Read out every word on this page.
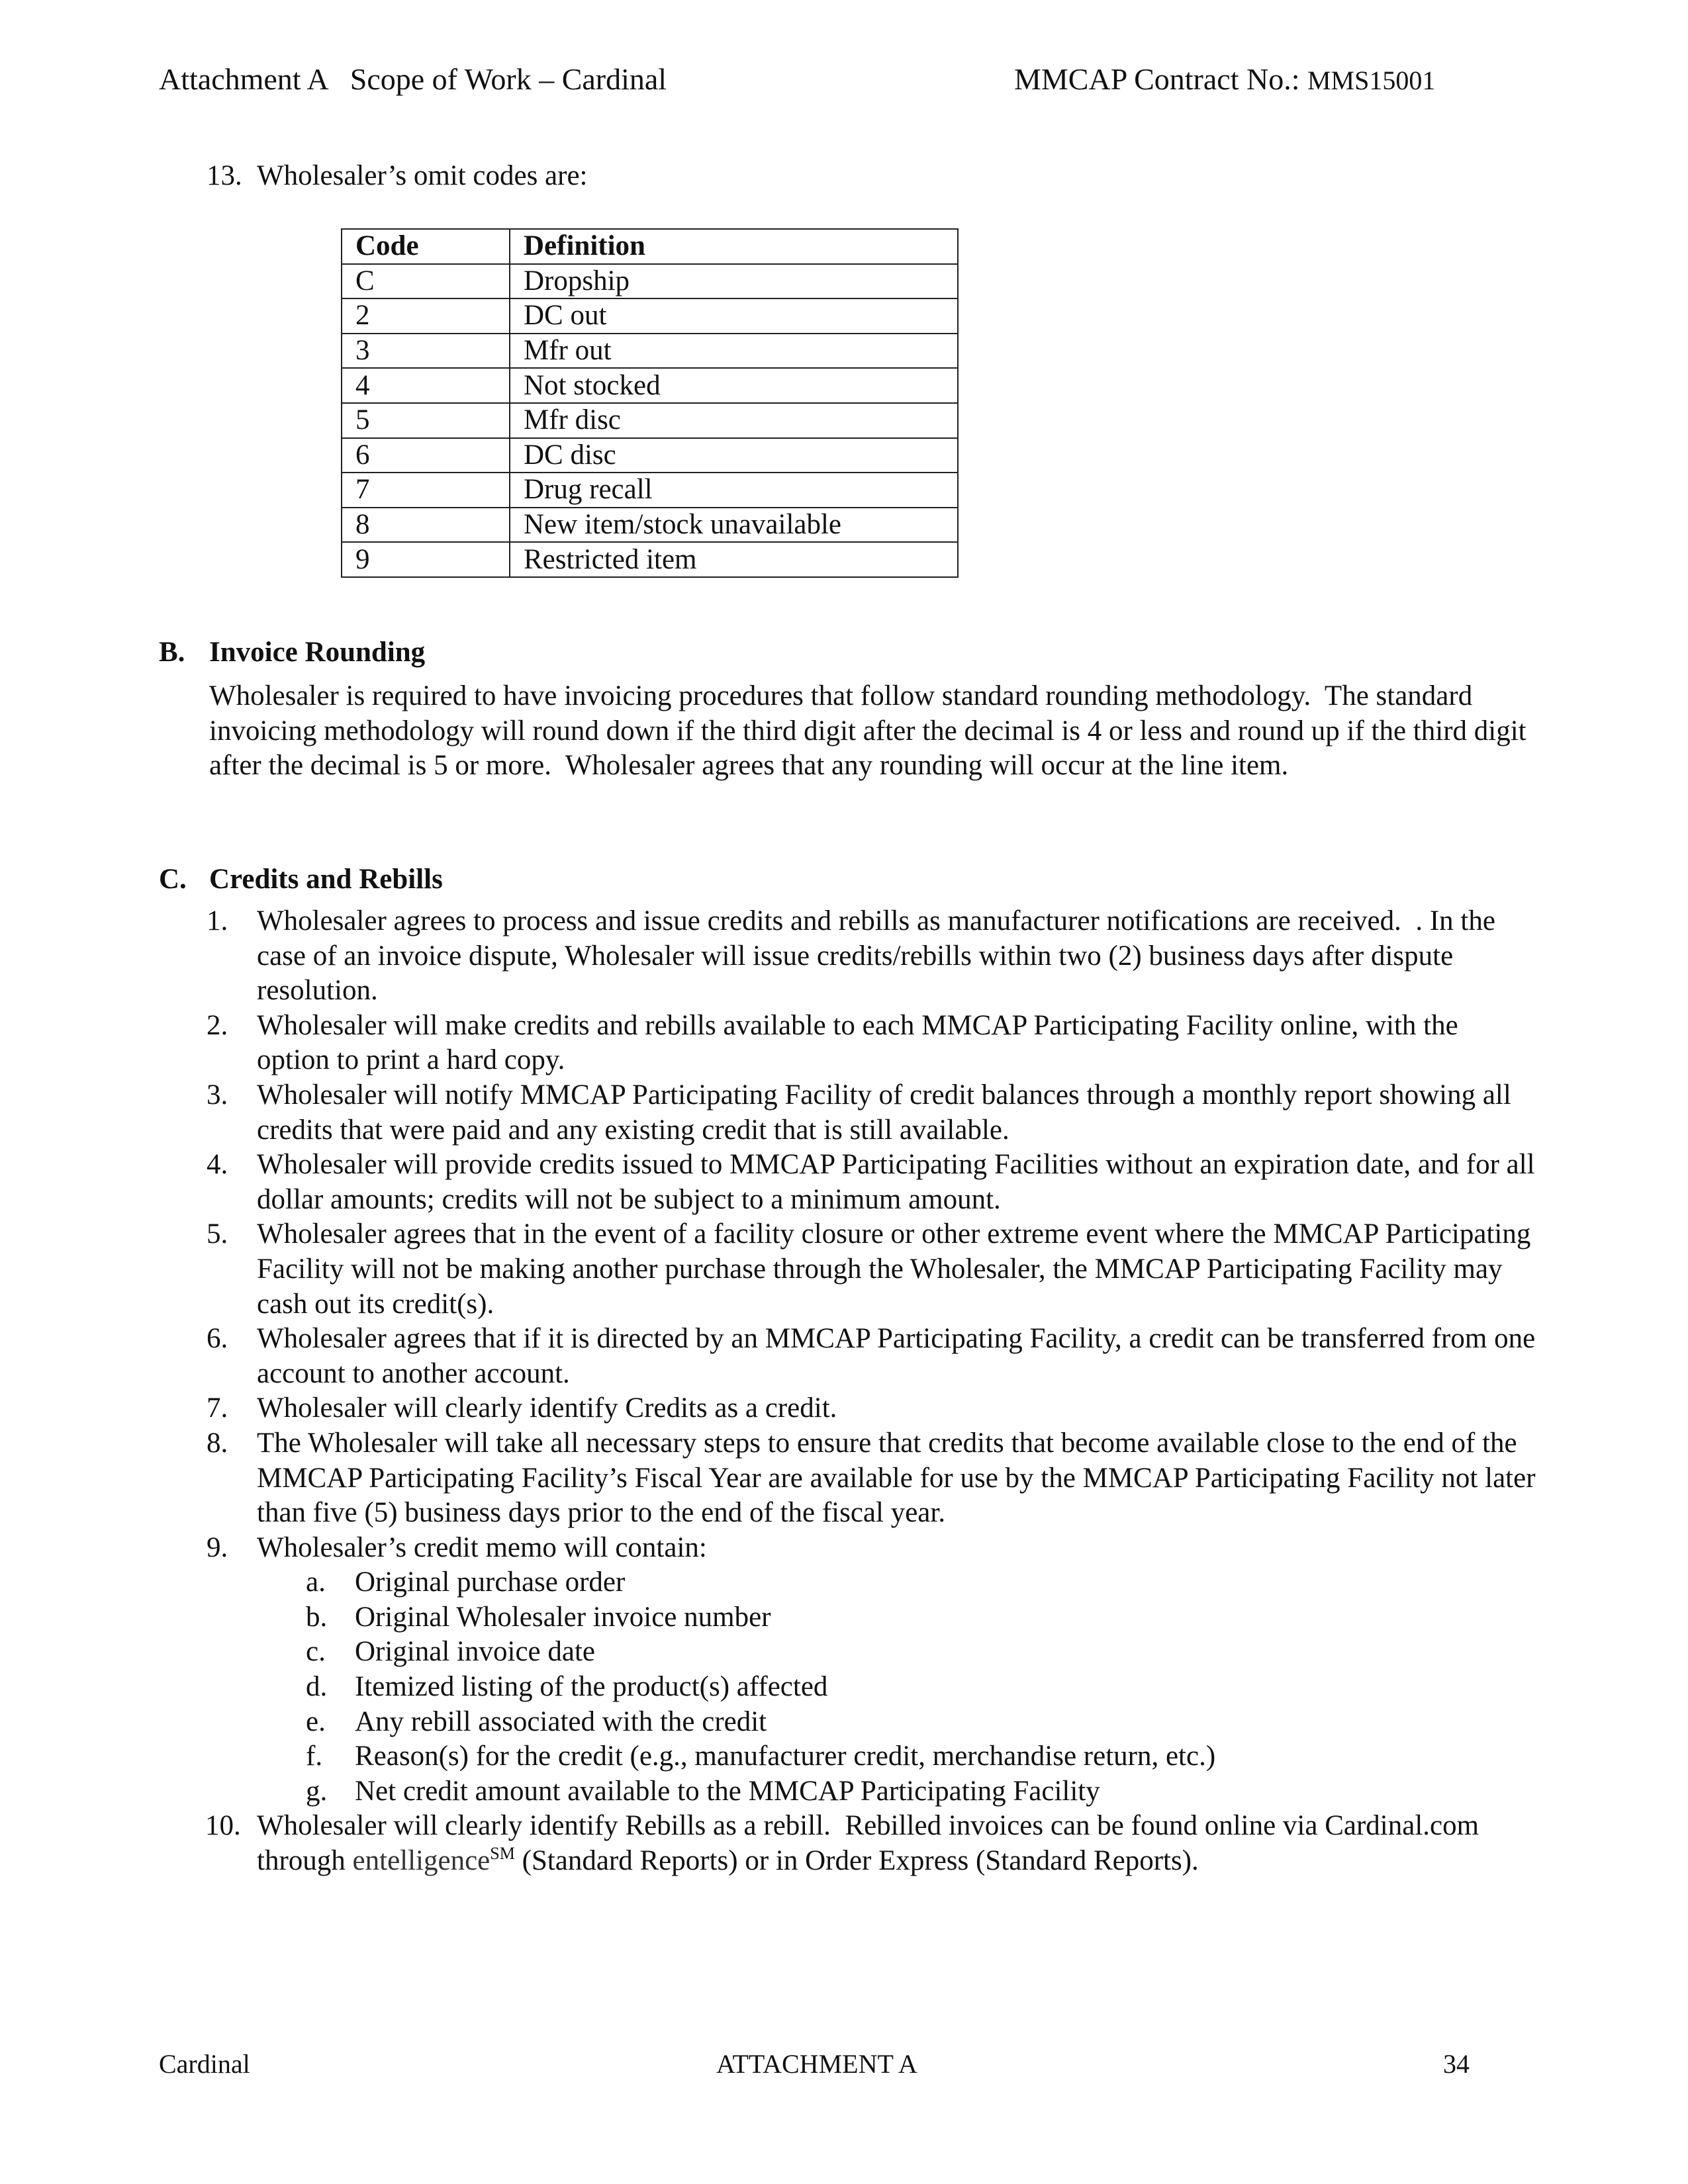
Attachment A   Scope of Work – Cardinal	MMCAP Contract No.: MMS15001
13. Wholesaler’s omit codes are:
Code	Definition
C	Dropship
2	DC out
3	Mfr out
4	Not stocked
5	Mfr disc
6	DC disc
7	Drug recall
8	New item/stock unavailable
9	Restricted item
B. Invoice Rounding
Wholesaler is required to have invoicing procedures that follow standard rounding methodology.  The standard invoicing methodology will round down if the third digit after the decimal is 4 or less and round up if the third digit after the decimal is 5 or more.  Wholesaler agrees that any rounding will occur at the line item.
C. Credits and Rebills
1.	Wholesaler agrees to process and issue credits and rebills as manufacturer notifications are received.  . In the case of an invoice dispute, Wholesaler will issue credits/rebills within two (2) business days after dispute resolution.
2.	Wholesaler will make credits and rebills available to each MMCAP Participating Facility online, with the option to print a hard copy.
3.	Wholesaler will notify MMCAP Participating Facility of credit balances through a monthly report showing all credits that were paid and any existing credit that is still available.
4.	Wholesaler will provide credits issued to MMCAP Participating Facilities without an expiration date, and for all dollar amounts; credits will not be subject to a minimum amount.
5.	Wholesaler agrees that in the event of a facility closure or other extreme event where the MMCAP Participating Facility will not be making another purchase through the Wholesaler, the MMCAP Participating Facility may cash out its credit(s).
6.	Wholesaler agrees that if it is directed by an MMCAP Participating Facility, a credit can be transferred from one account to another account.
7.	Wholesaler will clearly identify Credits as a credit.
8.	The Wholesaler will take all necessary steps to ensure that credits that become available close to the end of the MMCAP Participating Facility’s Fiscal Year are available for use by the MMCAP Participating Facility not later than five (5) business days prior to the end of the fiscal year.
9.	Wholesaler’s credit memo will contain:
a.	Original purchase order
b. Original Wholesaler invoice number
c.	Original invoice date
d. Itemized listing of the product(s) affected
e.	Any rebill associated with the credit
f.	Reason(s) for the credit (e.g., manufacturer credit, merchandise return, etc.)
g. Net credit amount available to the MMCAP Participating Facility
10. Wholesaler will clearly identify Rebills as a rebill.  Rebilled invoices can be found online via Cardinal.com through entelligence℠ (Standard Reports) or in Order Express (Standard Reports).
Cardinal	ATTACHMENT A	34
